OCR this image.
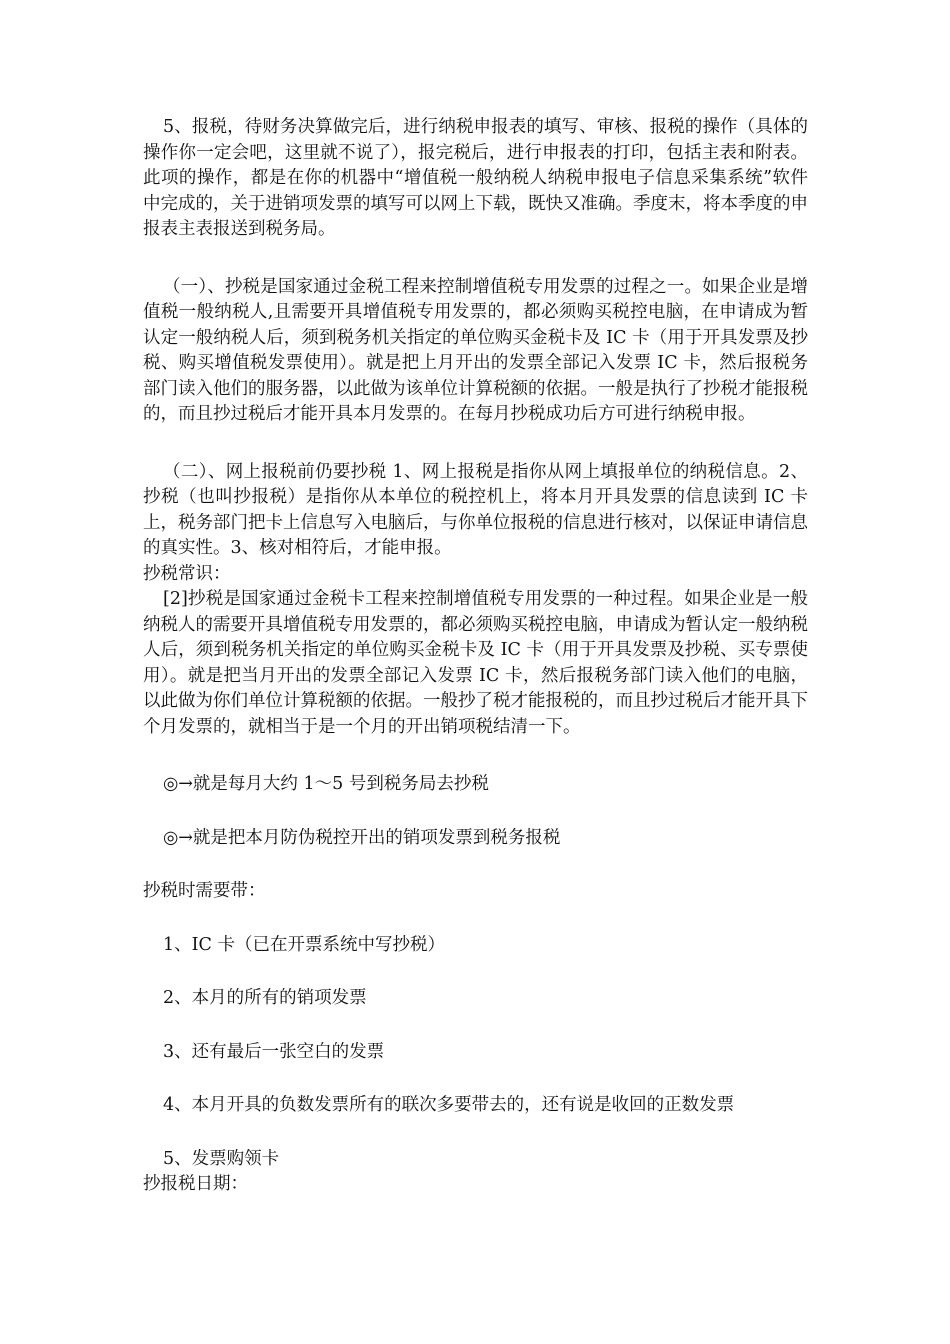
5、报税，待财务决算做完后，进行纳税申报表的填写、审核、报税的操作（具体的操作你一定会吧，这里就不说了），报完税后，进行申报表的打印，包括主表和附表。此项的操作，都是在你的机器中“增值税一般纳税人纳税申报电子信息采集系统”软件中完成的，关于进销项发票的填写可以网上下载，既快又准确。季度末，将本季度的申报表主表报送到税务局。

（一）、抄税是国家通过金税工程来控制增值税专用发票的过程之一。如果企业是增值税一般纳税人,且需要开具增值税专用发票的，都必须购买税控电脑，在申请成为暂认定一般纳税人后，须到税务机关指定的单位购买金税卡及 IC 卡（用于开具发票及抄税、购买增值税发票使用）。就是把上月开出的发票全部记入发票 IC 卡，然后报税务部门读入他们的服务器，以此做为该单位计算税额的依据。一般是执行了抄税才能报税的，而且抄过税后才能开具本月发票的。在每月抄税成功后方可进行纳税申报。

（二）、网上报税前仍要抄税 1、网上报税是指你从网上填报单位的纳税信息。2、抄税（也叫抄报税）是指你从本单位的税控机上，将本月开具发票的信息读到 IC 卡上，税务部门把卡上信息写入电脑后，与你单位报税的信息进行核对，以保证申请信息的真实性。3、核对相符后，才能申报。

抄税常识：

[2]抄税是国家通过金税卡工程来控制增值税专用发票的一种过程。如果企业是一般纳税人的需要开具增值税专用发票的，都必须购买税控电脑，申请成为暂认定一般纳税人后，须到税务机关指定的单位购买金税卡及 IC 卡（用于开具发票及抄税、买专票使用）。就是把当月开出的发票全部记入发票 IC 卡，然后报税务部门读入他们的电脑，以此做为你们单位计算税额的依据。一般抄了税才能报税的，而且抄过税后才能开具下个月发票的，就相当于是一个月的开出销项税结清一下。

◎→就是每月大约 1～5 号到税务局去抄税

◎→就是把本月防伪税控开出的销项发票到税务报税

抄税时需要带：

1、IC 卡（已在开票系统中写抄税）

2、本月的所有的销项发票

3、还有最后一张空白的发票

4、本月开具的负数发票所有的联次多要带去的，还有说是收回的正数发票

5、发票购领卡

抄报税日期：
